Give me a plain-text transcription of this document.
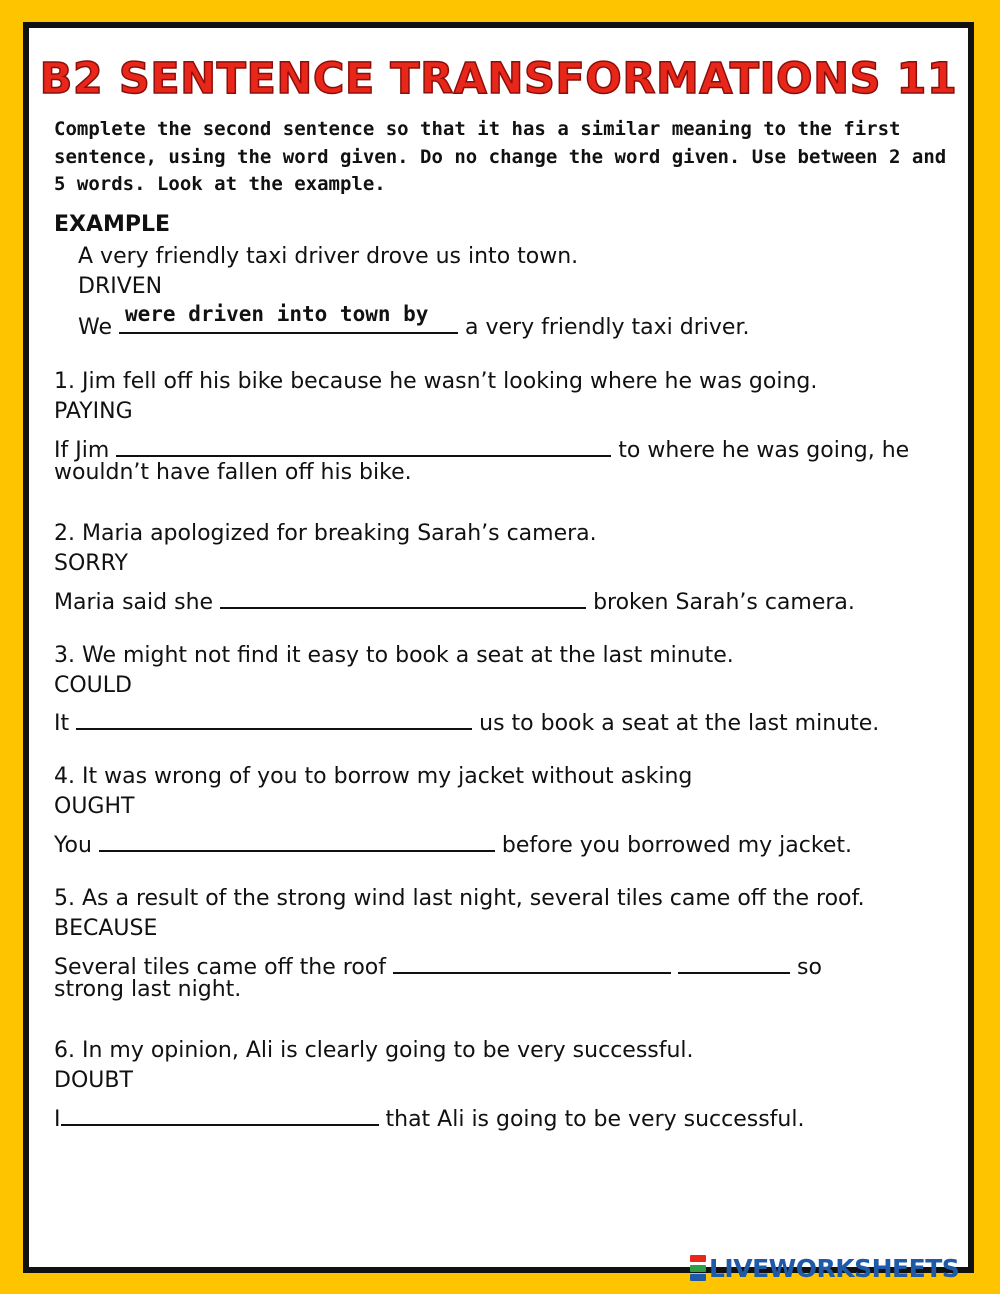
B2 SENTENCE TRANSFORMATIONS 11
Complete the second sentence so that it has a similar meaning to the first sentence, using the word given. Do no change the word given. Use between 2 and 5 words. Look at the example.
EXAMPLE
A very friendly taxi driver drove us into town.
DRIVEN
We
were driven into town by
a very friendly taxi driver.
1. Jim fell off his bike because he wasn’t looking where he was going.
PAYING
If Jim	to where he was going, he
wouldn’t have fallen off his bike.
2. Maria apologized for breaking Sarah’s camera.
SORRY
Maria said she	broken Sarah’s camera.
3. We might not find it easy to book a seat at the last minute.
COULD
It	us to book a seat at the last minute.
4. It was wrong of you to borrow my jacket without asking
OUGHT
You	before you borrowed my jacket.
5. As a result of the strong wind last night, several tiles came off the roof.
BECAUSE
Several tiles came off the roof	so
strong last night.
6. In my opinion, Ali is clearly going to be very successful.
DOUBT
I	that Ali is going to be very successful.
LIVEWORKSHEETS
